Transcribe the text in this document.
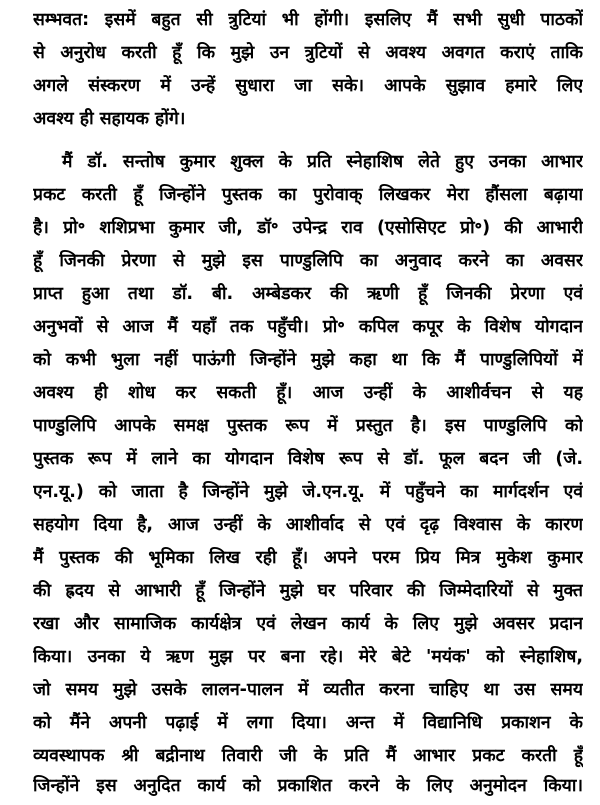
सम्भवत: इसमें बहुत सी त्रुटियां भी होंगी। इसलिए मैं सभी सुधी पाठकों
से अनुरोध करती हूँ कि मुझे उन त्रुटियों से अवश्य अवगत कराएं ताकि
अगले संस्करण में उन्हें सुधारा जा सके। आपके सुझाव हमारे लिए
अवश्य ही सहायक होंगे।
मैं डॉ. सन्तोष कुमार शुक्ल के प्रति स्नेहाशिष लेते हुए उनका आभार
प्रकट करती हूँ जिन्होंने पुस्तक का पुरोवाक् लिखकर मेरा हौंसला बढ़ाया
है। प्रो॰ शशिप्रभा कुमार जी, डॉ॰ उपेन्द्र राव (एसोसिएट प्रो॰) की आभारी
हूँ जिनकी प्रेरणा से मुझे इस पाण्डुलिपि का अनुवाद करने का अवसर
प्राप्त हुआ तथा डॉ. बी. अम्बेडकर की ऋणी हूँ जिनकी प्रेरणा एवं
अनुभवों से आज मैं यहाँ तक पहुँची। प्रो॰ कपिल कपूर के विशेष योगदान
को कभी भुला नहीं पाऊंगी जिन्होंने मुझे कहा था कि मैं पाण्डुलिपियों में
अवश्य ही शोध कर सकती हूँ। आज उन्हीं के आशीर्वचन से यह
पाण्डुलिपि आपके समक्ष पुस्तक रूप में प्रस्तुत है। इस पाण्डुलिपि को
पुस्तक रूप में लाने का योगदान विशेष रूप से डॉ. फूल बदन जी (जे.
एन.यू.) को जाता है जिन्होंने मुझे जे.एन.यू. में पहुँचने का मार्गदर्शन एवं
सहयोग दिया है, आज उन्हीं के आशीर्वाद से एवं दृढ़ विश्वास के कारण
मैं पुस्तक की भूमिका लिख रही हूँ। अपने परम प्रिय मित्र मुकेश कुमार
की ह्रदय से आभारी हूँ जिन्होंने मुझे घर परिवार की जिम्मेदारियों से मुक्त
रखा और सामाजिक कार्यक्षेत्र एवं लेखन कार्य के लिए मुझे अवसर प्रदान
किया। उनका ये ऋण मुझ पर बना रहे। मेरे बेटे 'मयंक' को स्नेहाशिष,
जो समय मुझे उसके लालन-पालन में व्यतीत करना चाहिए था उस समय
को मैंने अपनी पढ़ाई में लगा दिया। अन्त में विद्यानिधि प्रकाशन के
व्यवस्थापक श्री बद्रीनाथ तिवारी जी के प्रति मैं आभार प्रकट करती हूँ
जिन्होंने इस अनुदित कार्य को प्रकाशित करने के लिए अनुमोदन किया।
